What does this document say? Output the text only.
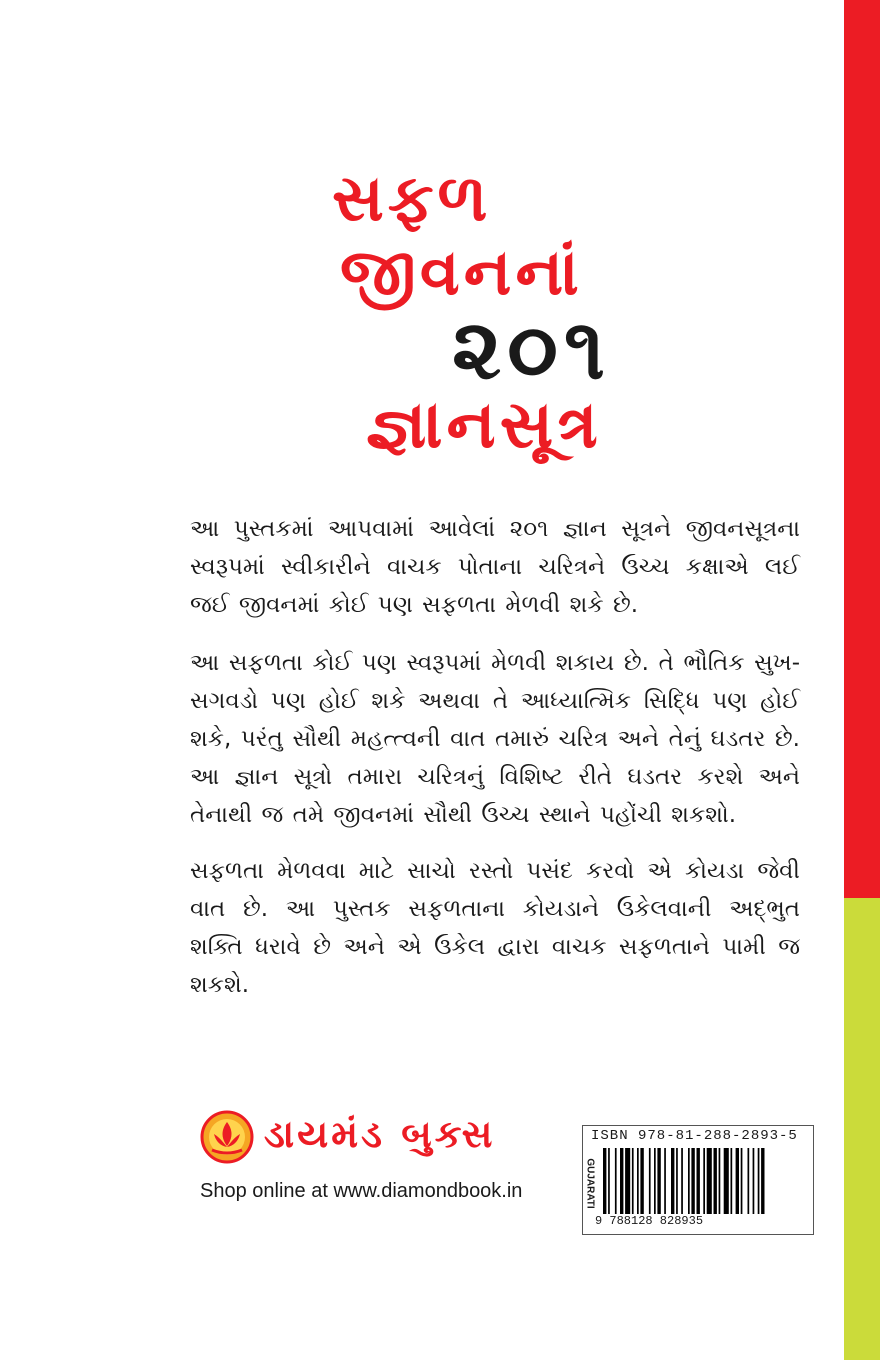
સફળ
જીવનનાં
૨૦૧
જ્ઞાનસૂત્ર

આ પુસ્તકમાં આપવામાં આવેલાં ૨૦૧ જ્ઞાન સૂત્રને જીવનસૂત્રના સ્વરૂપમાં સ્વીકારીને વાચક પોતાના ચરિત્રને ઉચ્ચ કક્ષાએ લઈ જઈ જીવનમાં કોઈ પણ સફળતા મેળવી શકે છે.

આ સફળતા કોઈ પણ સ્વરૂપમાં મેળવી શકાય છે. તે ભૌતિક સુખ-સગવડો પણ હોઈ શકે અથવા તે આધ્યાત્મિક સિદ્ધિ પણ હોઈ શકે, પરંતુ સૌથી મહત્ત્વની વાત તમારું ચરિત્ર અને તેનું ઘડતર છે. આ જ્ઞાન સૂત્રો તમારા ચરિત્રનું વિશિષ્ટ રીતે ઘડતર કરશે અને તેનાથી જ તમે જીવનમાં સૌથી ઉચ્ચ સ્થાને પહોંચી શકશો.

સફળતા મેળવવા માટે સાચો રસ્તો પસંદ કરવો એ કોયડા જેવી વાત છે. આ પુસ્તક સફળતાના કોયડાને ઉકેલવાની અદ્ભુત શક્તિ ધરાવે છે અને એ ઉકેલ દ્વારા વાચક સફળતાને પામી જ શકશે.

ડાયમંડ બુક્સ
Shop online at www.diamondbook.in
ISBN 978-81-288-2893-5
GUJARATI
9 788128 828935
